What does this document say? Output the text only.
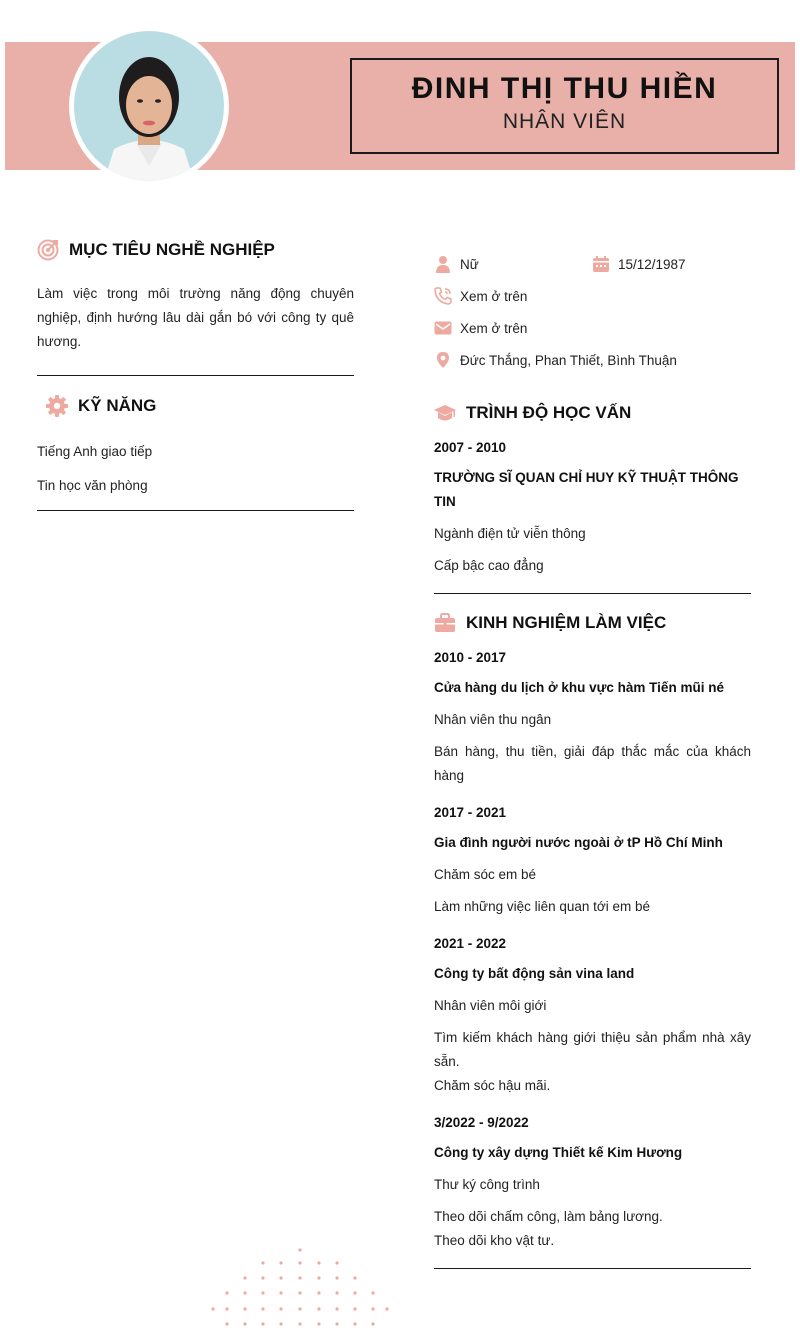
ĐINH THỊ THU HIỀN
NHÂN VIÊN
MỤC TIÊU NGHỀ NGHIỆP

Làm việc trong môi trường năng động chuyên nghiệp, định hướng lâu dài gắn bó với công ty quê hương.

KỸ NĂNG
Tiếng Anh giao tiếp
Tin học văn phòng
Nữ	15/12/1987
Xem ở trên
Xem ở trên
Đức Thắng, Phan Thiết, Bình Thuận
TRÌNH ĐỘ HỌC VẤN
2007 - 2010
TRƯỜNG SĨ QUAN CHỈ HUY KỸ THUẬT THÔNG TIN
Ngành điện tử viễn thông
Cấp bậc cao đẳng
KINH NGHIỆM LÀM VIỆC
2010 - 2017
Cửa hàng du lịch ở khu vực hàm Tiến mũi né
Nhân viên thu ngân
Bán hàng, thu tiền, giải đáp thắc mắc của khách hàng
2017 - 2021
Gia đình người nước ngoài ở tP Hồ Chí Minh
Chăm sóc em bé
Làm những việc liên quan tới em bé
2021 - 2022
Công ty bất động sản vina land
Nhân viên môi giới
Tìm kiếm khách hàng giới thiệu sản phẩm nhà xây sẵn.
Chăm sóc hậu mãi.
3/2022 - 9/2022
Công ty xây dựng Thiết kế Kim Hương
Thư ký công trình
Theo dõi chấm công, làm bảng lương.
Theo dõi kho vật tư.
